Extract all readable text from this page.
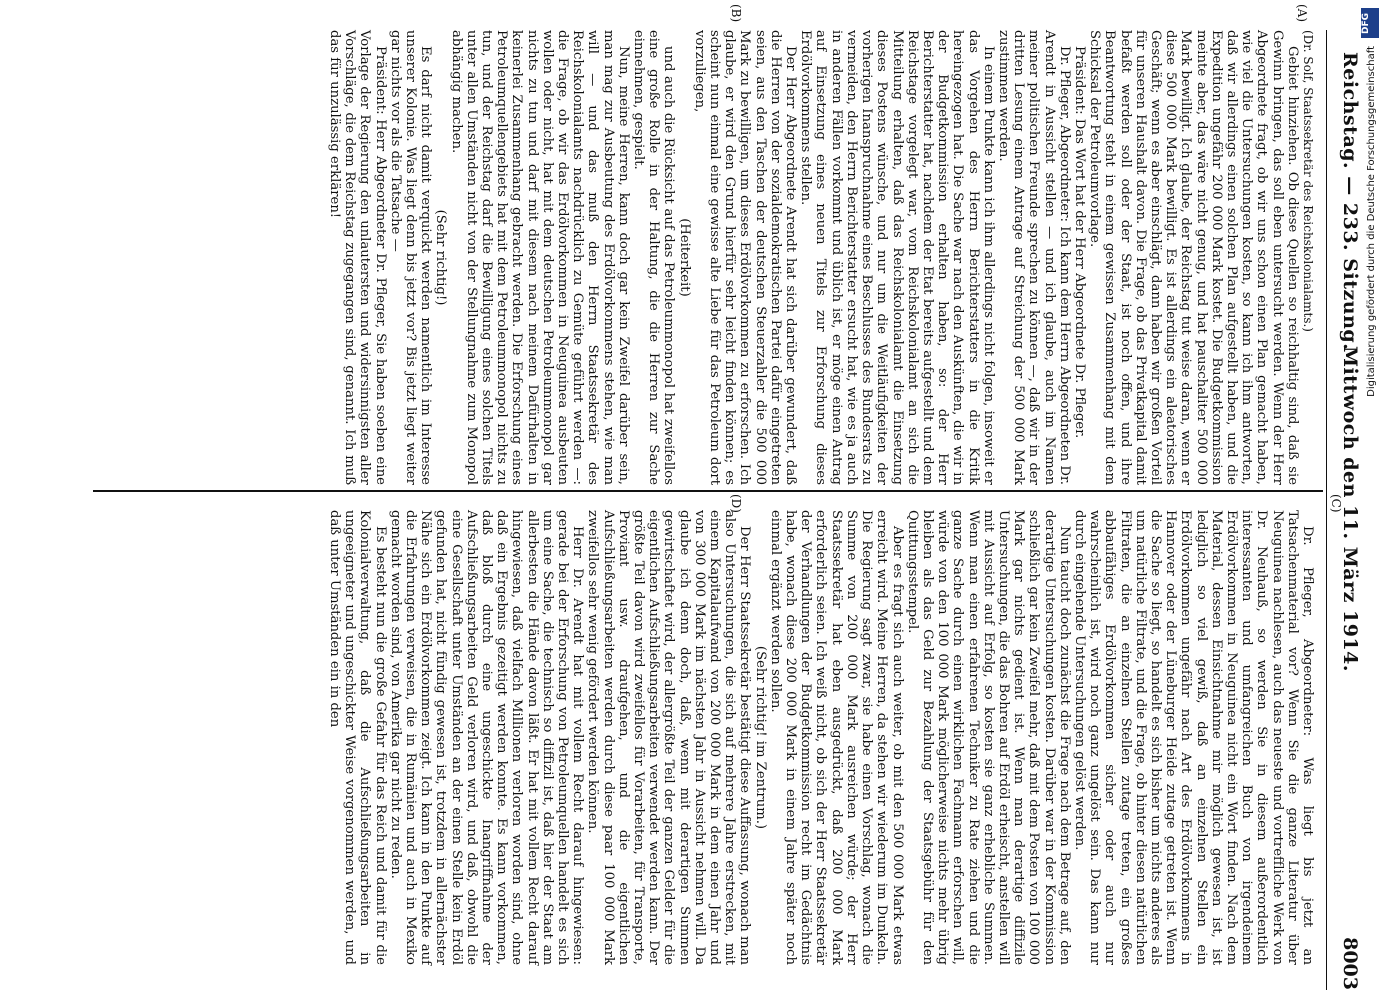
Reichstag. — 233. Sitzung.
Mittwoch den 11. März 1914.
8003
(A)
(B)
(C)
(D)

(Dr. Solf, Staatssekretär des Reichskolonialamts.)

Gebiet hinziehen. Ob diese Quellen so reichhaltig sind, daß sie Gewinn bringen, das soll eben untersucht werden. Wenn der Herr Abgeordnete fragt, ob wir uns schon einen Plan gemacht haben, wie viel die Untersuchungen kosten, so kann ich ihm antworten, daß wir allerdings einen solchen Plan aufgestellt haben, und die Expedition ungefähr 200 000 Mark kostet. Die Budgetkommission meinte aber, das wäre nicht genug, und hat pauschaliter 500 000 Mark bewilligt. Ich glaube, der Reichstag tut weise daran, wenn er diese 500 000 Mark bewilligt. Es ist allerdings ein aleatorisches Geschäft; wenn es aber einschlägt, dann haben wir großen Vorteil für unseren Haushalt davon. Die Frage, ob das Privatkapital damit befaßt werden soll oder der Staat, ist noch offen, und ihre Beantwortung steht in einem gewissen Zusammenhang mit dem Schicksal der Petroleumvorlage.

Präsident: Das Wort hat der Herr Abgeordnete Dr. Pfleger.

Dr. Pfleger, Abgeordneter: Ich kann dem Herrn Abgeordneten Dr. Arendt in Aussicht stellen — und ich glaube, auch im Namen meiner politischen Freunde sprechen zu können —, daß wir in der dritten Lesung einem Antrage auf Streichung der 500 000 Mark zustimmen werden.

In einem Punkte kann ich ihm allerdings nicht folgen, insoweit er das Vorgehen des Herrn Berichterstatters in die Kritik hereingezogen hat. Die Sache war nach den Auskünften, die wir in der Budgetkommission erhalten haben, so: der Herr Berichterstatter hat, nachdem der Etat bereits aufgestellt und dem Reichstage vorgelegt war, vom Reichskolonialamt an sich die Mitteilung erhalten, daß das Reichskolonialamt die Einsetzung dieses Postens wünsche, und nur um die Weitläufigkeiten der vorherigen Inanspruchnahme eines Beschlusses des Bundesrats zu vermeiden, den Herrn Berichterstatter ersucht hat, wie es ja auch in anderen Fällen vorkommt und üblich ist, er möge einen Antrag auf Einsetzung eines neuen Titels zur Erforschung dieses Erdölvorkommens stellen.

Der Herr Abgeordnete Arendt hat sich darüber gewundert, daß die Herren von der sozialdemokratischen Partei dafür eingetreten seien, aus den Taschen der deutschen Steuerzahler die 500 000 Mark zu bewilligen, um dieses Erdölvorkommen zu erforschen. Ich glaube, er wird den Grund hierfür sehr leicht finden können; es scheint nun einmal eine gewisse alte Liebe für das Petroleum dort vorzuliegen,

(Heiterkeit)

und auch die Rücksicht auf das Petroleummonopol hat zweifellos eine große Rolle in der Haltung, die die Herren zur Sache einnehmen, gespielt.

Nun, meine Herren, kann doch gar kein Zweifel darüber sein, man mag zur Ausbeutung des Erdölvorkommens stehen, wie man will — und das muß den Herrn Staatssekretär des Reichskolonialamts nachdrücklich zu Gemüte geführt werden —: die Frage, ob wir das Erdölvorkommen in Neuguinea ausbeuten wollen oder nicht, hat mit dem deutschen Petroleummonopol gar nichts zu tun und darf mit diesem nach meinem Dafürhalten in keinerlei Zusammenhang gebracht werden. Die Erforschung eines Petroleumquellengebiets hat mit dem Petroleummonopol nichts zu tun, und der Reichstag darf die Bewilligung eines solchen Titels unter allen Umständen nicht von der Stellungnahme zum Monopol abhängig machen.

(Sehr richtig!)

Es darf nicht damit verquickt werden namentlich im Interesse unserer Kolonie. Was liegt denn bis jetzt vor? Bis jetzt liegt weiter gar nichts vor als die Tatsache —

Präsident: Herr Abgeordneter Dr. Pfleger, Sie haben soeben eine Vorlage der Regierung den unlautersten und widersinnigsten aller Vorschläge, die dem Reichstag zugegangen sind, genannt. Ich muß das für unzulässig erklären!

Dr. Pfleger, Abgeordneter: Was liegt bis jetzt an Tatsachenmaterial vor? Wenn Sie die ganze Literatur über Neuguinea nachlesen, auch das neueste und vortreffliche Werk von Dr. Neuhauß, so werden Sie in diesem außerordentlich interessanten und umfangreichen Buch von irgendeinem Erdölvorkommen in Neuguinea nicht ein Wort finden. Nach dem Material, dessen Einsichtnahme mir möglich gewesen ist, ist lediglich so viel gewiß, daß an einzelnen Stellen ein Erdölvorkommen ungefähr nach Art des Erdölvorkommens in Hannover oder der Lüneburger Heide zutage getreten ist. Wenn die Sache so liegt, so handelt es sich bisher um nichts anderes als um natürliche Filtrate, und die Frage, ob hinter diesen natürlichen Filtraten, die an einzelnen Stellen zutage treten, ein großes abbaufähiges Erdölvorkommen sicher oder auch nur wahrscheinlich ist, wird noch ganz ungelöst sein. Das kann nur durch eingehende Untersuchungen gelöst werden.

Nun taucht doch zunächst die Frage nach dem Betrage auf, den derartige Untersuchungen kosten. Darüber war in der Kommission schließlich gar kein Zweifel mehr, daß mit dem Posten von 100 000 Mark gar nichts gedient ist. Wenn man derartige diffizile Untersuchungen, die das Bohren auf Erdöl erheischt, anstellen will mit Aussicht auf Erfolg, so kosten sie ganz erhebliche Summen. Wenn man einen erfahrenen Techniker zu Rate ziehen und die ganze Sache durch einen wirklichen Fachmann erforschen will, würde von den 100 000 Mark möglicherweise nichts mehr übrig bleiben als das Geld zur Bezahlung der Staatsgebühr für den Quittungsstempel.

Aber es fragt sich auch weiter, ob mit den 500 000 Mark etwas erreicht wird. Meine Herren, da stehen wir wiederum im Dunkeln. Die Regierung sagt zwar, sie habe einen Vorschlag, wonach die Summe von 200 000 Mark ausreichen würde; der Herr Staatssekretär hat eben ausgedrückt, daß 200 000 Mark erforderlich seien. Ich weiß nicht, ob sich der Herr Staatssekretär der Verhandlungen der Budgetkommission recht im Gedächtnis habe, wonach diese 200 000 Mark in einem Jahre später noch einmal ergänzt werden sollen.

(Sehr richtig! im Zentrum.)

Der Herr Staatssekretär bestätigt diese Auffassung, wonach man also Untersuchungen, die sich auf mehrere Jahre erstrecken, mit einem Kapitalaufwand von 200 000 Mark in dem einen Jahr und von 300 000 Mark im nächsten Jahr in Aussicht nehmen will. Da glaube ich denn doch, daß, wenn mit derartigen Summen gewirtschaftet wird, der allergrößte Teil der ganzen Gelder für die eigentlichen Aufschließungsarbeiten verwendet werden kann. Der größte Teil davon wird zweifellos für Vorarbeiten, für Transporte, Proviant usw. draufgehen, und die eigentlichen Aufschließungsarbeiten werden durch diese paar 100 000 Mark zweifellos sehr wenig gefördert werden können.

Herr Dr. Arendt hat mit vollem Recht darauf hingewiesen: gerade bei der Erforschung von Petroleumquellen handelt es sich um eine Sache, die technisch so diffizil ist, daß hier der Staat am allerbesten die Hände davon läßt. Er hat mit vollem Recht darauf hingewiesen, daß vielfach Millionen verloren worden sind, ohne daß ein Ergebnis gezeitigt werden konnte. Es kann vorkommen, daß bloß durch eine ungeschickte Inangriffnahme der Aufschließungsarbeiten Geld verloren wird, und daß, obwohl die eine Gesellschaft unter Umständen an der einen Stelle kein Erdöl gefunden hat, nicht fündig gewesen ist, trotzdem in allernächster Nähe sich ein Erdölvorkommen zeigt. Ich kann in den Punkte auf die Erfahrungen verweisen, die in Rumänien und auch in Mexiko gemacht worden sind, von Amerika gar nicht zu reden.

Es besteht nun die große Gefahr für das Reich und damit für die Kolonialverwaltung, daß die Aufschließungsarbeiten in ungeeigneter und ungeschickter Weise vorgenommen werden, und daß unter Umständen ein in den

DFG
Digitalisierung gefördert durch die Deutsche Forschungsgemeinschaft
